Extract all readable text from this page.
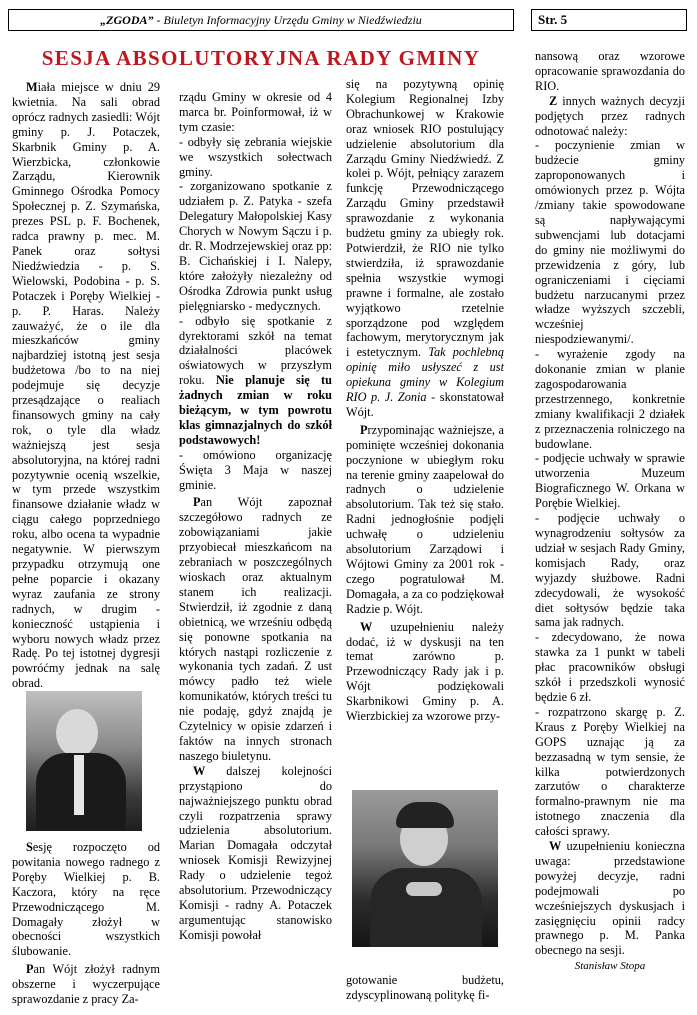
„ZGODA” - Biuletyn Informacyjny Urzędu Gminy w Niedźwiedziu	Str. 5
SESJA ABSOLUTORYJNA RADY GMINY

Miała miejsce w dniu 29 kwietnia. Na sali obrad oprócz radnych zasiedli: Wójt gminy p. J. Potaczek, Skarbnik Gminy p. A. Wierzbicka, członkowie Zarządu, Kierownik Gminnego Ośrodka Pomocy Społecznej p. Z. Szymańska, prezes PSL p. F. Bochenek, radca prawny p. mec. M. Panek oraz sołtysi Niedźwiedzia - p. S. Wielowski, Podobina - p. S. Potaczek i Poręby Wielkiej - p. P. Haras. Należy zauważyć, że o ile dla mieszkańców gminy najbardziej istotną jest sesja budżetowa /bo to na niej podejmuje się decyzje przesądzające o realiach finansowych gminy na cały rok, o tyle dla władz ważniejszą jest sesja absolutoryjna, na której radni pozytywnie ocenią wszelkie, w tym przede wszystkim finansowe działanie władz w ciągu całego poprzedniego roku, albo ocena ta wypadnie negatywnie. W pierwszym przypadku otrzymują one pełne poparcie i okazany wyraz zaufania ze strony radnych, w drugim - konieczność ustąpienia i wyboru nowych władz przez Radę. Po tej istotnej dygresji powróćmy jednak na salę obrad.

Sesję rozpoczęto od powitania nowego radnego z Poręby Wielkiej p. B. Kaczora, który na ręce Przewodniczącego M. Domagały złożył w obecności wszystkich ślubowanie.

Pan Wójt złożył radnym obszerne i wyczerpujące sprawozdanie z pracy Za-

rządu Gminy w okresie od 4 marca br. Poinformował, iż w tym czasie:

- odbyły się zebrania wiejskie we wszystkich sołectwach gminy.

- zorganizowano spotkanie z udziałem p. Z. Patyka - szefa Delegatury Małopolskiej Kasy Chorych w Nowym Sączu i p. dr. R. Modrzejewskiej oraz pp: B. Cichańskiej i I. Nalepy, które założyły niezależny od Ośrodka Zdrowia punkt usług pielęgniarsko - medycznych.

- odbyło się spotkanie z dyrektorami szkół na temat działalności placówek oświatowych w przyszłym roku. Nie planuje się tu żadnych zmian w roku bieżącym, w tym powrotu klas gimnazjalnych do szkół podstawowych!

- omówiono organizację Święta 3 Maja w naszej gminie.

Pan Wójt zapoznał szczegółowo radnych ze zobowiązaniami jakie przyobiecał mieszkańcom na zebraniach w poszczególnych wioskach oraz aktualnym stanem ich realizacji. Stwierdził, iż zgodnie z daną obietnicą, we wrześniu odbędą się ponowne spotkania na których nastąpi rozliczenie z wykonania tych zadań. Z ust mówcy padło też wiele komunikatów, których treści tu nie podaję, gdyż znajdą je Czytelnicy w opisie zdarzeń i faktów na innych stronach naszego biuletynu.

W dalszej kolejności przystąpiono do najważniejszego punktu obrad czyli rozpatrzenia sprawy udzielenia absolutorium. Marian Domagała odczytał wniosek Komisji Rewizyjnej Rady o udzielenie tegoż absolutorium. Przewodniczący Komisji - radny A. Potaczek argumentując stanowisko Komisji powołał

się na pozytywną opinię Kolegium Regionalnej Izby Obrachunkowej w Krakowie oraz wniosek RIO postulujący udzielenie absolutorium dla Zarządu Gminy Niedźwiedź. Z kolei p. Wójt, pełniący zarazem funkcję Przewodniczącego Zarządu Gminy przedstawił sprawozdanie z wykonania budżetu gminy za ubiegły rok. Potwierdził, że RIO nie tylko stwierdziła, iż sprawozdanie spełnia wszystkie wymogi prawne i formalne, ale zostało wyjątkowo rzetelnie sporządzone pod względem fachowym, merytorycznym jak i estetycznym. Tak pochlebną opinię miło usłyszeć z ust opiekuna gminy w Kolegium RIO p. J. Zonia - skonstatował Wójt.

Przypominając ważniejsze, a pominięte wcześniej dokonania poczynione w ubiegłym roku na terenie gminy zaapelował do radnych o udzielenie absolutorium. Tak też się stało. Radni jednogłośnie podjęli uchwałę o udzieleniu absolutorium Zarządowi i Wójtowi Gminy za 2001 rok - czego pogratulował M. Domagała, a za co podziękował Radzie p. Wójt.

W uzupełnieniu należy dodać, iż w dyskusji na ten temat zarówno p. Przewodniczący Rady jak i p. Wójt podziękowali Skarbnikowi Gminy p. A. Wierzbickiej za wzorowe przy-

gotowanie budżetu, zdyscyplinowaną politykę fi-

nansową oraz wzorowe opracowanie sprawozdania do RIO.

Z innych ważnych decyzji podjętych przez radnych odnotować należy:

- poczynienie zmian w budżecie gminy zaproponowanych i omówionych przez p. Wójta /zmiany takie spowodowane są napływającymi subwencjami lub dotacjami do gminy nie możliwymi do przewidzenia z góry, lub ograniczeniami i cięciami budżetu narzucanymi przez władze wyższych szczebli, wcześniej niespodziewanymi/.

- wyrażenie zgody na dokonanie zmian w planie zagospodarowania przestrzennego, konkretnie zmiany kwalifikacji 2 działek z przeznaczenia rolniczego na budowlane.

- podjęcie uchwały w sprawie utworzenia Muzeum Biograficznego W. Orkana w Porębie Wielkiej.

- podjęcie uchwały o wynagrodzeniu sołtysów za udział w sesjach Rady Gminy, komisjach Rady, oraz wyjazdy służbowe. Radni zdecydowali, że wysokość diet sołtysów będzie taka sama jak radnych.

- zdecydowano, że nowa stawka za 1 punkt w tabeli płac pracowników obsługi szkół i przedszkoli wynosić będzie 6 zł.

- rozpatrzono skargę p. Z. Kraus z Poręby Wielkiej na GOPS uznając ją za bezzasadną w tym sensie, że kilka potwierdzonych zarzutów o charakterze formalno-prawnym nie ma istotnego znaczenia dla całości sprawy.

W uzupełnieniu konieczna uwaga: przedstawione powyżej decyzje, radni podejmowali po wcześniejszych dyskusjach i zasięgnięciu opinii radcy prawnego p. M. Panka obecnego na sesji.

Stanisław Stopa
